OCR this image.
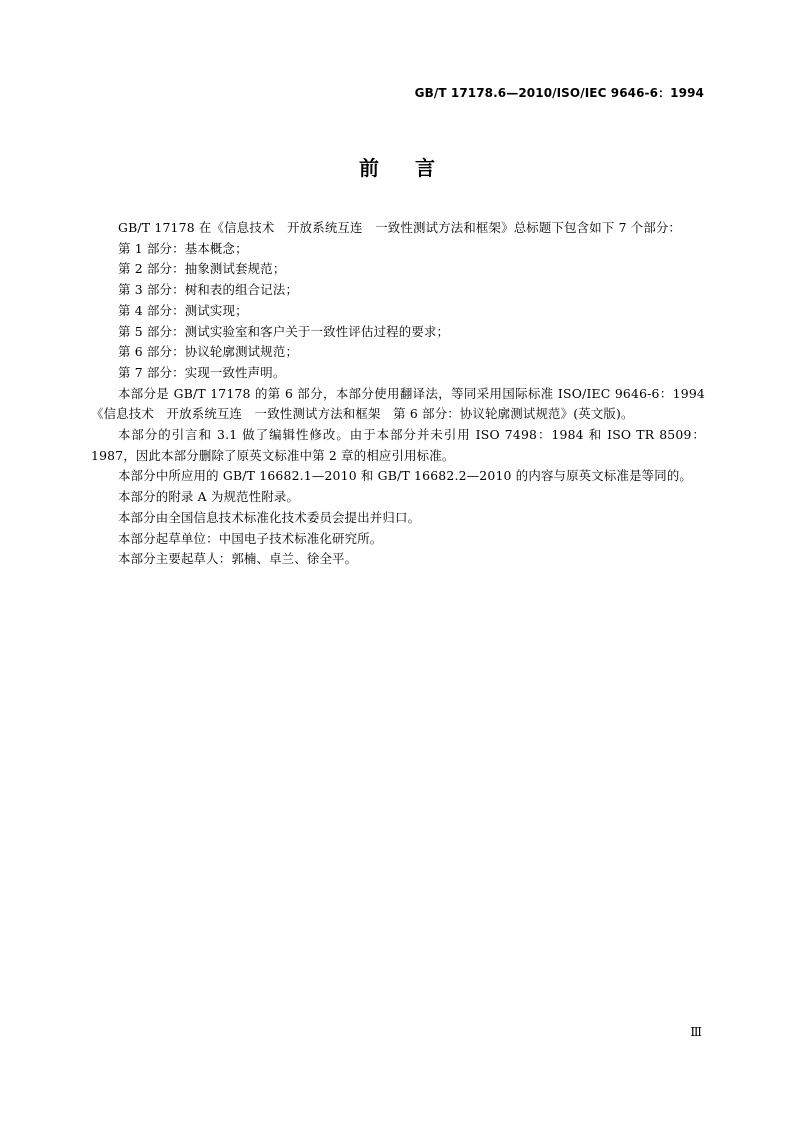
GB/T 17178.6—2010/ISO/IEC 9646-6：1994
前言

GB/T 17178 在《信息技术　开放系统互连　一致性测试方法和框架》总标题下包含如下 7 个部分：

第 1 部分：基本概念；

第 2 部分：抽象测试套规范；

第 3 部分：树和表的组合记法；

第 4 部分：测试实现；

第 5 部分：测试实验室和客户关于一致性评估过程的要求；

第 6 部分：协议轮廓测试规范；

第 7 部分：实现一致性声明。

本部分是 GB/T 17178 的第 6 部分，本部分使用翻译法，等同采用国际标准 ISO/IEC 9646-6：1994《信息技术　开放系统互连　一致性测试方法和框架　第 6 部分：协议轮廓测试规范》(英文版)。

本部分的引言和 3.1 做了编辑性修改。由于本部分并未引用 ISO 7498：1984 和 ISO TR 8509：1987，因此本部分删除了原英文标准中第 2 章的相应引用标准。

本部分中所应用的 GB/T 16682.1—2010 和 GB/T 16682.2—2010 的内容与原英文标准是等同的。

本部分的附录 A 为规范性附录。

本部分由全国信息技术标准化技术委员会提出并归口。

本部分起草单位：中国电子技术标准化研究所。

本部分主要起草人：郭楠、卓兰、徐全平。

Ⅲ
